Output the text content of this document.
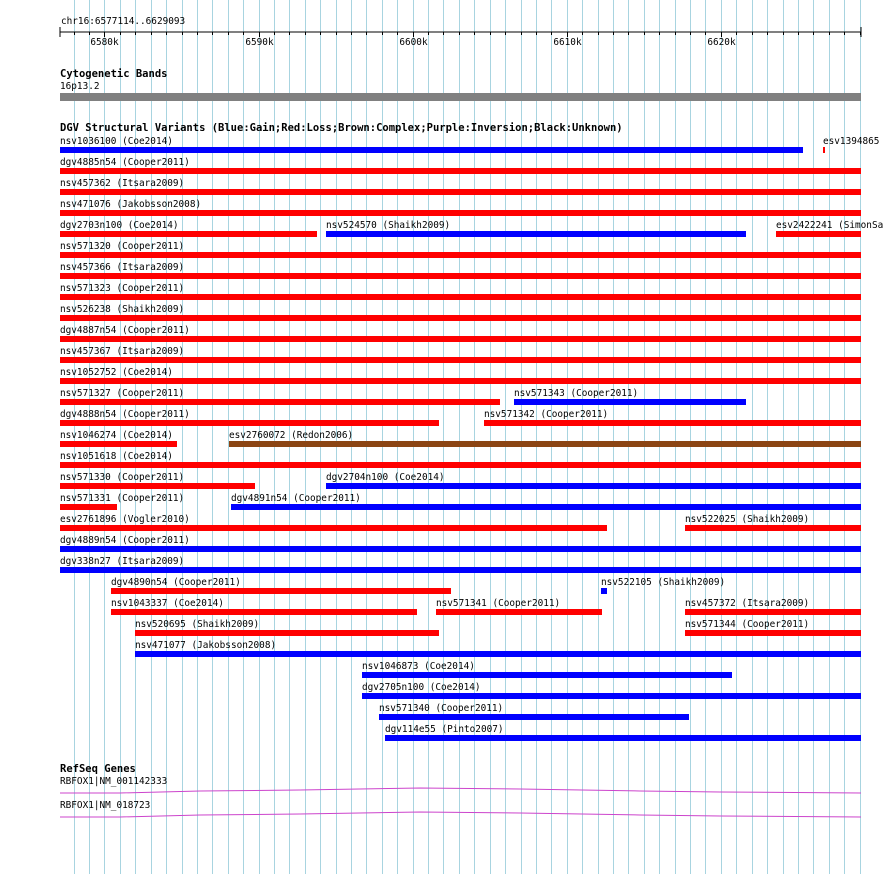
chr16:6577114..6629093
6580k	6590k	6600k	6610k	6620k
Cytogenetic Bands
16p13.2
DGV Structural Variants (Blue:Gain;Red:Loss;Brown:Complex;Purple:Inversion;Black:Unknown)
nsv1036100 (Coe2014)	esv1394865
dgv4885n54 (Cooper2011)
nsv457362 (Itsara2009)
nsv471076 (Jakobsson2008)
dgv2703n100 (Coe2014)	nsv524570 (Shaikh2009)	esv2422241 (SimonSa
nsv571320 (Cooper2011)
nsv457366 (Itsara2009)
nsv571323 (Cooper2011)
nsv526238 (Shaikh2009)
dgv4887n54 (Cooper2011)
nsv457367 (Itsara2009)
nsv1052752 (Coe2014)
nsv571327 (Cooper2011)	nsv571343 (Cooper2011)
dgv4888n54 (Cooper2011)	nsv571342 (Cooper2011)
nsv1046274 (Coe2014)	esv2760072 (Redon2006)
nsv1051618 (Coe2014)
nsv571330 (Cooper2011)	dgv2704n100 (Coe2014)
nsv571331 (Cooper2011)	dgv4891n54 (Cooper2011)
esv2761896 (Vogler2010)	nsv522025 (Shaikh2009)
dgv4889n54 (Cooper2011)
dgv338n27 (Itsara2009)
dgv4890n54 (Cooper2011)	nsv522105 (Shaikh2009)
nsv1043337 (Coe2014)	nsv571341 (Cooper2011)	nsv457372 (Itsara2009)
nsv520695 (Shaikh2009)	nsv571344 (Cooper2011)
nsv471077 (Jakobsson2008)
nsv1046873 (Coe2014)
dgv2705n100 (Coe2014)
nsv571340 (Cooper2011)
dgv114e55 (Pinto2007)
RefSeq Genes
RBFOX1|NM_001142333
RBFOX1|NM_018723
